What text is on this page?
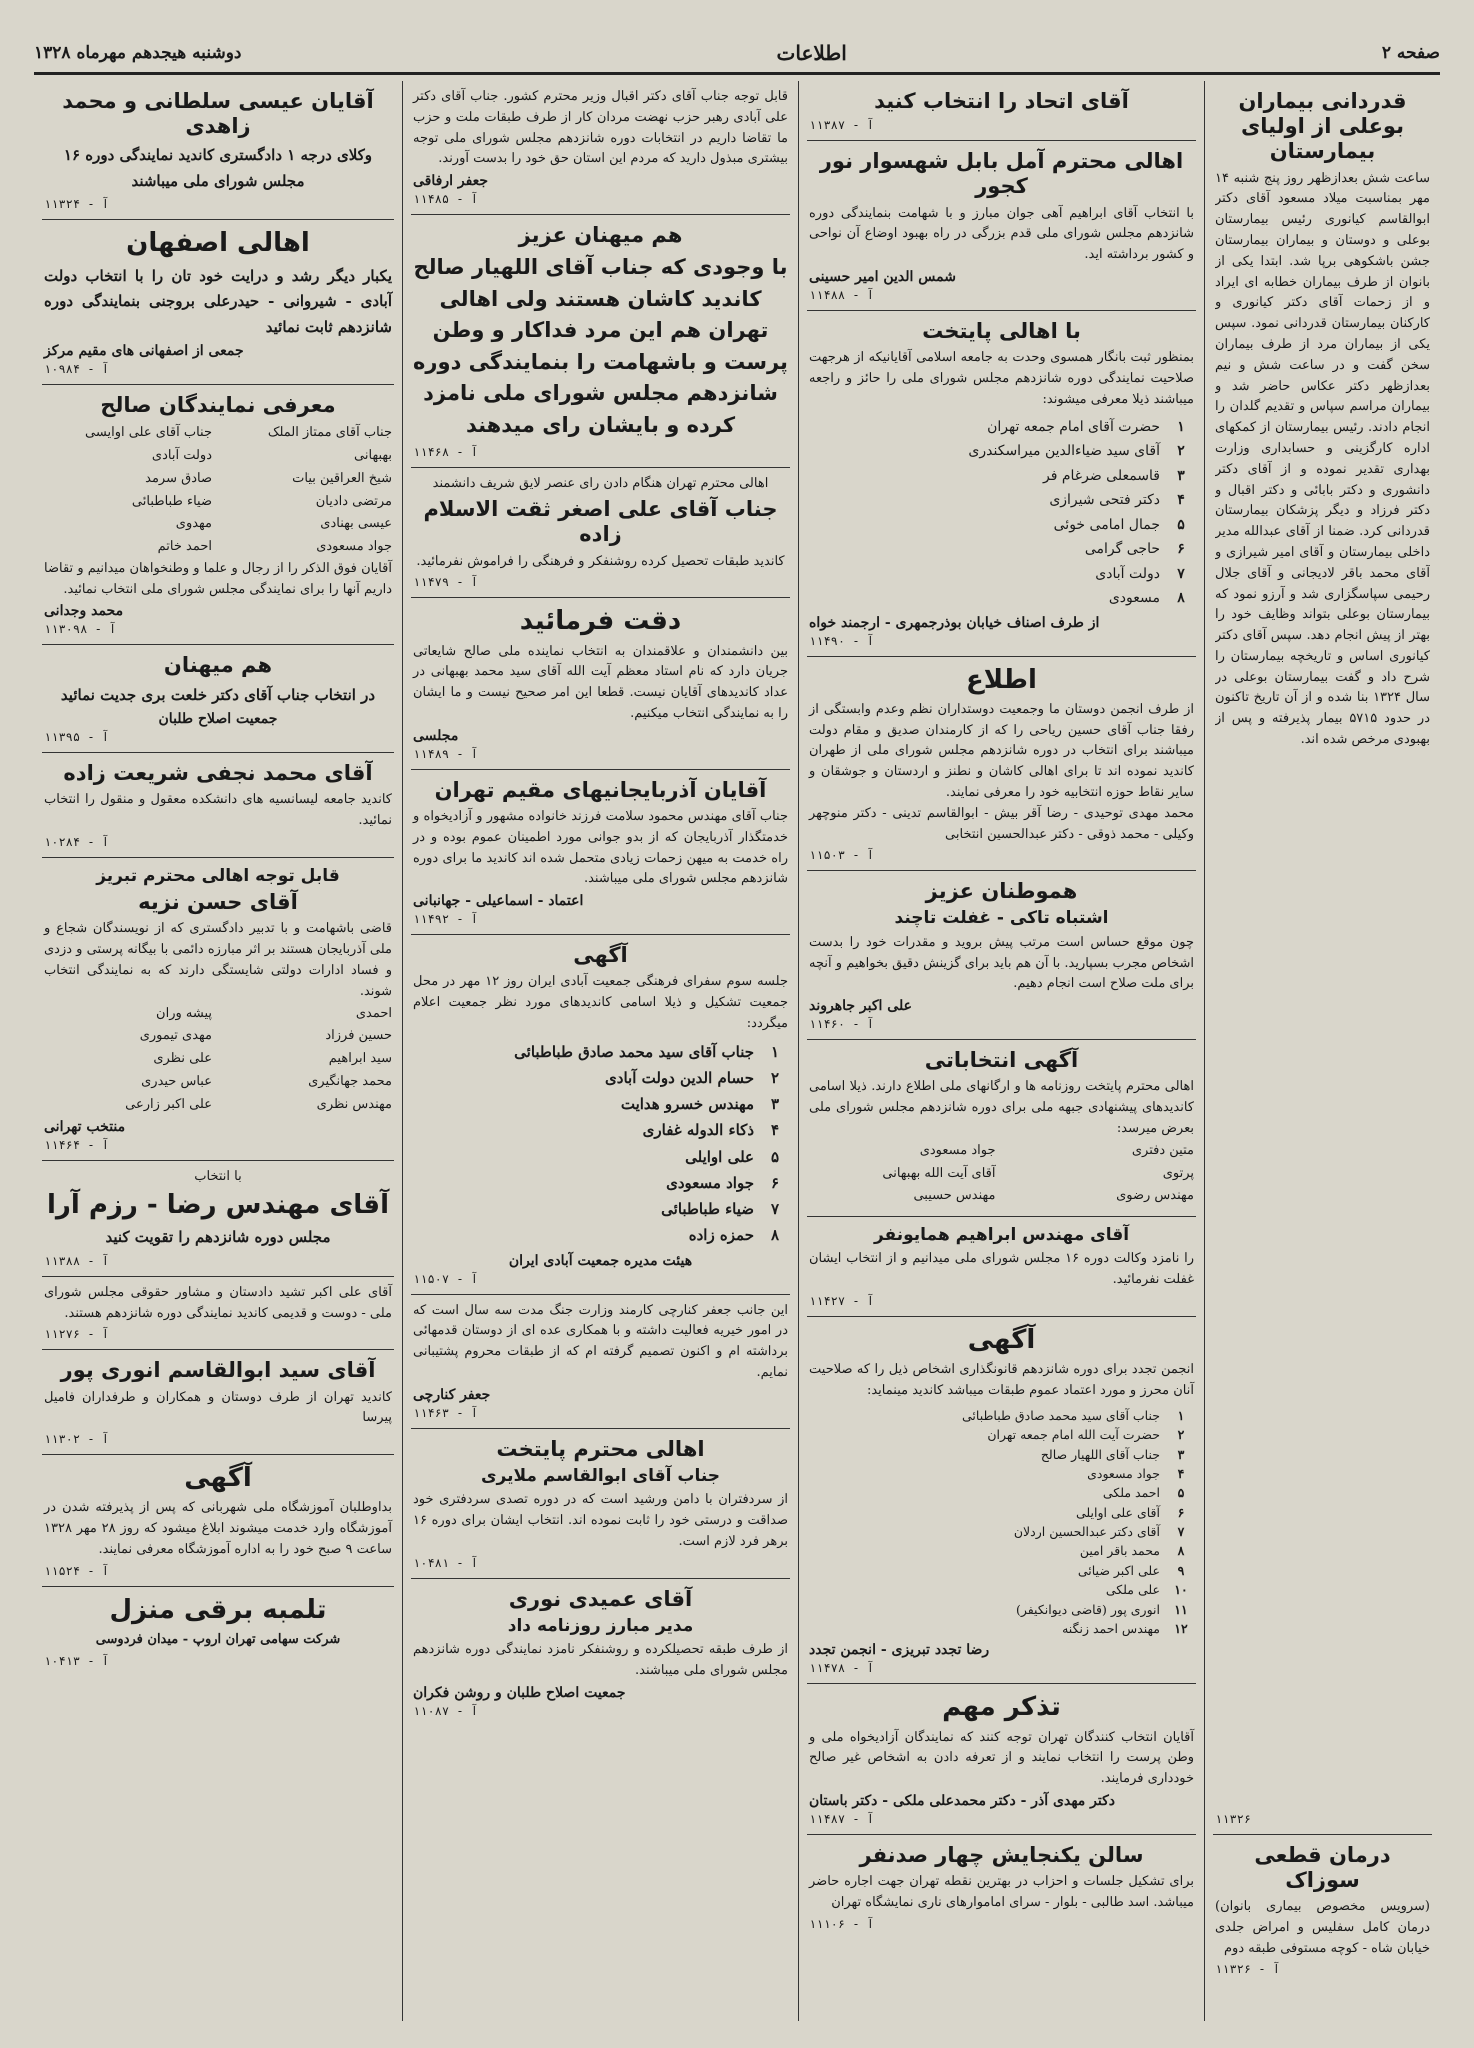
صفحه ۲
اطلاعات
دوشنبه هیجدهم مهرماه ۱۳۲۸
قدردانی بیماران بوعلی از اولیای بیمارستان
ساعت شش بعدازظهر روز پنج شنبه ۱۴ مهر بمناسبت میلاد مسعود آقای دکتر ابوالقاسم کیانوری رئیس بیمارستان بوعلی و دوستان و بیماران بیمارستان جشن باشکوهی برپا شد. ابتدا یکی از بانوان از طرف بیماران خطابه ای ایراد و از زحمات آقای دکتر کیانوری و کارکنان بیمارستان قدردانی نمود. سپس یکی از بیماران مرد از طرف بیماران سخن گفت و در ساعت شش و نیم بعدازظهر دکتر عکاس حاضر شد و بیماران مراسم سپاس و تقدیم گلدان را انجام دادند. رئیس بیمارستان از کمکهای اداره کارگزینی و حسابداری وزارت بهداری تقدیر نموده و از آقای دکتر دانشوری و دکتر بابائی و دکتر اقبال و دکتر فرزاد و دیگر پزشکان بیمارستان قدردانی کرد. ضمنا از آقای عبدالله مدیر داخلی بیمارستان و آقای امیر شیرازی و آقای محمد باقر لادیجانی و آقای جلال رحیمی سپاسگزاری شد و آرزو نمود که بیمارستان بوعلی بتواند وظایف خود را بهتر از پیش انجام دهد. سپس آقای دکتر کیانوری اساس و تاریخچه بیمارستان را شرح داد و گفت بیمارستان بوعلی در سال ۱۳۲۴ بنا شده و از آن تاریخ تاکنون در حدود ۵۷۱۵ بیمار پذیرفته و پس از بهبودی مرخص شده اند.
۱۱۳۲۶
درمان قطعی سوزاک
(سرویس مخصوص بیماری بانوان) درمان کامل سفلیس و امراض جلدی خیابان شاه - کوچه مستوفی طبقه دوم
۱۱۳۲۶ - آ
آقای اتحاد را انتخاب کنید
۱۱۳۸۷ - آ
اهالی محترم آمل بابل شهسوار نور کجور
با انتخاب آقای ابراهیم آهی جوان مبارز و با شهامت بنمایندگی دوره شانزدهم مجلس شورای ملی قدم بزرگی در راه بهبود اوضاع آن نواحی و کشور برداشته اید.
شمس الدین امیر حسینی
۱۱۴۸۸ - آ
با اهالی پایتخت
بمنظور ثبت بانگار همسوی وحدت به جامعه اسلامی آقایانیکه از هرجهت صلاحیت نمایندگی دوره شانزدهم مجلس شورای ملی را حائز و راجعه میباشند ذیلا معرفی میشوند:
۱
حضرت آقای امام جمعه تهران
۲
آقای سید ضیاءالدین میراسکندری
۳
قاسمعلی ضرغام فر
۴
دکتر فتحی شیرازی
۵
جمال امامی خوئی
۶
حاجی گرامی
۷
دولت آبادی
۸
مسعودی
از طرف اصناف خیابان بوذرجمهری - ارجمند خواه
۱۱۴۹۰ - آ
اطلاع
از طرف انجمن دوستان ما وجمعیت دوستداران نظم وعدم وابستگی از رفقا جناب آقای حسین ریاحی را که از کارمندان صدیق و مقام دولت میباشند برای انتخاب در دوره شانزدهم مجلس شورای ملی از طهران کاندید نموده اند تا برای اهالی کاشان و نطنز و اردستان و جوشقان و سایر نقاط حوزه انتخابیه خود را معرفی نمایند.
محمد مهدی توحیدی - رضا آقر بیش - ابوالقاسم تدینی - دکتر منوچهر وکیلی - محمد ذوقی - دکتر عبدالحسین انتخابی
۱۱۵۰۳ - آ
هموطنان عزیز
اشتباه تاکی - غفلت تاچند
چون موقع حساس است مرتب پیش بروید و مقدرات خود را بدست اشخاص مجرب بسپارید. با آن هم باید برای گزینش دقیق بخواهیم و آنچه برای ملت صلاح است انجام دهیم.
علی اکبر جاهروند
۱۱۴۶۰ - آ
آگهی انتخاباتی
اهالی محترم پایتخت روزنامه ها و ارگانهای ملی اطلاع دارند. ذیلا اسامی کاندیدهای پیشنهادی جبهه ملی برای دوره شانزدهم مجلس شورای ملی بعرض میرسد:
متین دفتری
جواد مسعودی
پرتوی
آقای آیت الله بهبهانی
مهندس رضوی
مهندس حسیبی
آقای مهندس ابراهیم همایونفر
را نامزد وکالت دوره ۱۶ مجلس شورای ملی میدانیم و از انتخاب ایشان غفلت نفرمائید.
۱۱۴۲۷ - آ
آگهی
انجمن تجدد برای دوره شانزدهم قانونگذاری اشخاص ذیل را که صلاحیت آنان محرز و مورد اعتماد عموم طبقات میباشد کاندید مینماید:
۱
جناب آقای سید محمد صادق طباطبائی
۲
حضرت آیت الله امام جمعه تهران
۳
جناب آقای اللهیار صالح
۴
جواد مسعودی
۵
احمد ملکی
۶
آقای علی اوایلی
۷
آقای دکتر عبدالحسین اردلان
۸
محمد باقر امین
۹
علی اکبر ضیائی
۱۰
علی ملکی
۱۱
انوری پور (قاضی دیوانکیفر)
۱۲
مهندس احمد زنگنه
رضا تجدد تبریزی - انجمن تجدد
۱۱۴۷۸ - آ
تذکر مهم
آقایان انتخاب کنندگان تهران توجه کنند که نمایندگان آزادیخواه ملی و وطن پرست را انتخاب نمایند و از تعرفه دادن به اشخاص غیر صالح خودداری فرمایند.
دکتر مهدی آذر - دکتر محمدعلی ملکی - دکتر باستان
۱۱۴۸۷ - آ
سالن یکنجایش چهار صدنفر
برای تشکیل جلسات و احزاب در بهترین نقطه تهران جهت اجاره حاضر میباشد. اسد طالبی - بلوار - سرای اماموارهای ناری نمایشگاه تهران
۱۱۱۰۶ - آ
قابل توجه جناب آقای دکتر اقبال وزیر محترم کشور. جناب آقای دکتر علی آبادی رهبر حزب نهضت مردان کار از طرف طبقات ملت و حزب ما تقاضا داریم در انتخابات دوره شانزدهم مجلس شورای ملی توجه بیشتری مبذول دارید که مردم این استان حق خود را بدست آورند.
جعفر ارفاقی
۱۱۴۸۵ - آ
هم میهنان عزیز
با وجودی که جناب آقای اللهیار صالح کاندید کاشان هستند ولی اهالی تهران هم این مرد فداکار و وطن پرست و باشهامت را بنمایندگی دوره شانزدهم مجلس شورای ملی نامزد کرده و بایشان رای میدهند
۱۱۴۶۸ - آ
اهالی محترم تهران هنگام دادن رای عنصر لایق شریف دانشمند
جناب آقای علی اصغر ثقت الاسلام زاده
کاندید طبقات تحصیل کرده روشنفکر و فرهنگی را فراموش نفرمائید.
۱۱۴۷۹ - آ
دقت فرمائید
بین دانشمندان و علاقمندان به انتخاب نماینده ملی صالح شایعاتی جریان دارد که نام استاد معظم آیت الله آقای سید محمد بهبهانی در عداد کاندیدهای آقایان نیست. قطعا این امر صحیح نیست و ما ایشان را به نمایندگی انتخاب میکنیم.
مجلسی
۱۱۴۸۹ - آ
آقایان آذربایجانیهای مقیم تهران
جناب آقای مهندس محمود سلامت فرزند خانواده مشهور و آزادیخواه و خدمتگذار آذربایجان که از بدو جوانی مورد اطمینان عموم بوده و در راه خدمت به میهن زحمات زیادی متحمل شده اند کاندید ما برای دوره شانزدهم مجلس شورای ملی میباشند.
اعتماد - اسماعیلی - جهانبانی
۱۱۴۹۲ - آ
آگهی
جلسه سوم سفرای فرهنگی جمعیت آبادی ایران روز ۱۲ مهر در محل جمعیت تشکیل و ذیلا اسامی کاندیدهای مورد نظر جمعیت اعلام میگردد:
۱
جناب آقای سید محمد صادق طباطبائی
۲
حسام الدین دولت آبادی
۳
مهندس خسرو هدایت
۴
ذکاء الدوله غفاری
۵
علی اوایلی
۶
جواد مسعودی
۷
ضیاء طباطبائی
۸
حمزه زاده
هیئت مدیره جمعیت آبادی ایران
۱۱۵۰۷ - آ
این جانب جعفر کنارچی کارمند وزارت جنگ مدت سه سال است که در امور خیریه فعالیت داشته و با همکاری عده ای از دوستان قدمهائی برداشته ام و اکنون تصمیم گرفته ام که از طبقات محروم پشتیبانی نمایم.
جعفر کنارچی
۱۱۴۶۳ - آ
اهالی محترم پایتخت
جناب آقای ابوالقاسم ملایری
از سردفتران با دامن ورشید است که در دوره تصدی سردفتری خود صداقت و درستی خود را ثابت نموده اند. انتخاب ایشان برای دوره ۱۶ برهر فرد لازم است.
۱۰۴۸۱ - آ
آقای عمیدی نوری
مدیر مبارز روزنامه داد
از طرف طبقه تحصیلکرده و روشنفکر نامزد نمایندگی دوره شانزدهم مجلس شورای ملی میباشند.
جمعیت اصلاح طلبان و روشن فکران
۱۱۰۸۷ - آ
آقایان عیسی سلطانی و محمد زاهدی
وکلای درجه ۱ دادگستری کاندید نمایندگی دوره ۱۶ مجلس شورای ملی میباشند
۱۱۳۲۴ - آ
اهالی اصفهان
یکبار دیگر رشد و درایت خود تان را با انتخاب دولت آبادی - شیروانی - حیدرعلی بروجنی بنمایندگی دوره شانزدهم ثابت نمائید
جمعی از اصفهانی های مقیم مرکز
۱۰۹۸۴ - آ
معرفی نمایندگان صالح
جناب آقای ممتاز الملک
جناب آقای علی اوایسی
بهبهانی
دولت آبادی
شیخ العراقین بیات
صادق سرمد
مرتضی دادیان
ضیاء طباطبائی
عیسی بهنادی
مهدوی
جواد مسعودی
احمد خاتم
آقایان فوق الذکر را از رجال و علما و وطنخواهان میدانیم و تقاضا داریم آنها را برای نمایندگی مجلس شورای ملی انتخاب نمائید.
محمد وجدانی
۱۱۳۰۹۸ - آ
هم میهنان
در انتخاب جناب آقای دکتر خلعت بری جدیت نمائید
جمعیت اصلاح طلبان
۱۱۳۹۵ - آ
آقای محمد نجفی شریعت زاده
کاندید جامعه لیسانسیه های دانشکده معقول و منقول را انتخاب نمائید.
۱۰۲۸۴ - آ
قابل توجه اهالی محترم تبریز
آقای حسن نزیه
قاضی باشهامت و با تدبیر دادگستری که از نویسندگان شجاع و ملی آذربایجان هستند بر اثر مبارزه دائمی با بیگانه پرستی و دزدی و فساد ادارات دولتی شایستگی دارند که به نمایندگی انتخاب شوند.
احمدی
پیشه وران
حسین فرزاد
مهدی تیموری
سید ابراهیم
علی نظری
محمد جهانگیری
عباس حیدری
مهندس نظری
علی اکبر زارعی
منتخب تهرانی
۱۱۴۶۴ - آ
با انتخاب
آقای مهندس رضا - رزم آرا
مجلس دوره شانزدهم را تقویت کنید
۱۱۳۸۸ - آ
آقای علی اکبر تشید دادستان و مشاور حقوقی مجلس شورای ملی - دوست و قدیمی کاندید نمایندگی دوره شانزدهم هستند.
۱۱۲۷۶ - آ
آقای سید ابوالقاسم انوری پور
کاندید تهران از طرف دوستان و همکاران و طرفداران فامیل پیرسا
۱۱۳۰۲ - آ
آگهی
بداوطلبان آموزشگاه ملی شهربانی که پس از پذیرفته شدن در آموزشگاه وارد خدمت میشوند ابلاغ میشود که روز ۲۸ مهر ۱۳۲۸ ساعت ۹ صبح خود را به اداره آموزشگاه معرفی نمایند.
۱۱۵۲۴ - آ
تلمبه برقی منزل
شرکت سهامی تهران اروپ - میدان فردوسی
۱۰۴۱۳ - آ
